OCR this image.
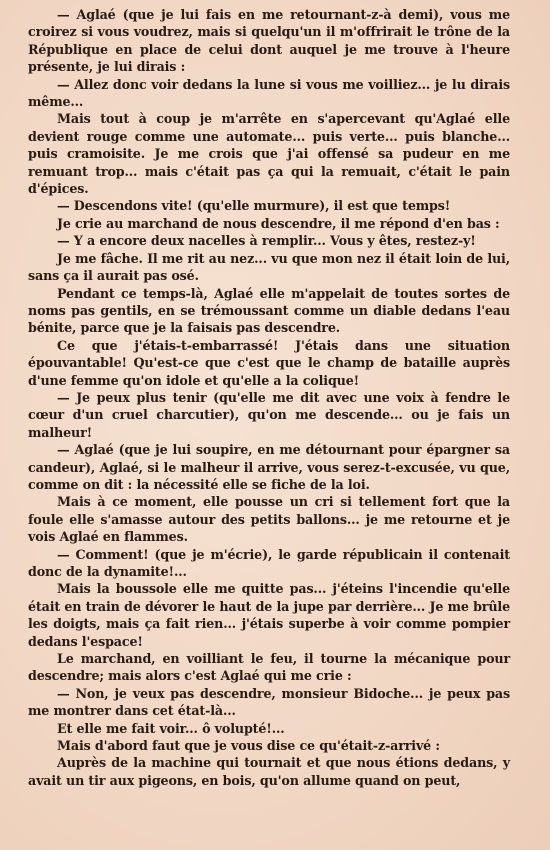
— Aglaé (que je lui fais en me retournant-z-à demi), vous me croirez si vous voudrez, mais si quelqu'un il m'offrirait le trône de la République en place de celui dont auquel je me trouve à l'heure présente, je lui dirais :

— Allez donc voir dedans la lune si vous me voilliez... je lu dirais même...

Mais tout à coup je m'arrête en s'apercevant qu'Aglaé elle devient rouge comme une automate... puis verte... puis blanche... puis cramoisite. Je me crois que j'ai offensé sa pudeur en me remuant trop... mais c'était pas ça qui la remuait, c'était le pain d'épices.

— Descendons vite! (qu'elle murmure), il est que temps!

Je crie au marchand de nous descendre, il me répond d'en bas :

— Y a encore deux nacelles à remplir... Vous y êtes, restez-y!

Je me fâche. Il me rit au nez... vu que mon nez il était loin de lui, sans ça il aurait pas osé.

Pendant ce temps-là, Aglaé elle m'appelait de toutes sortes de noms pas gentils, en se trémoussant comme un diable dedans l'eau bénite, parce que je la faisais pas descendre.

Ce que j'étais-t-embarrassé! J'étais dans une situation épouvantable! Qu'est-ce que c'est que le champ de bataille auprès d'une femme qu'on idole et qu'elle a la colique!

— Je peux plus tenir (qu'elle me dit avec une voix à fendre le cœur d'un cruel charcutier), qu'on me descende... ou je fais un malheur!

— Aglaé (que je lui soupire, en me détournant pour épargner sa candeur), Aglaé, si le malheur il arrive, vous serez-t-excusée, vu que, comme on dit : la nécessité elle se fiche de la loi.

Mais à ce moment, elle pousse un cri si tellement fort que la foule elle s'amasse autour des petits ballons... je me retourne et je vois Aglaé en flammes.

— Comment! (que je m'écrie), le garde républicain il contenait donc de la dynamite!...

Mais la boussole elle me quitte pas... j'éteins l'incendie qu'elle était en train de dévorer le haut de la jupe par derrière... Je me brûle les doigts, mais ça fait rien... j'étais superbe à voir comme pompier dedans l'espace!

Le marchand, en voilliant le feu, il tourne la mécanique pour descendre; mais alors c'est Aglaé qui me crie :

— Non, je veux pas descendre, monsieur Bidoche... je peux pas me montrer dans cet état-là...

Et elle me fait voir... ô volupté!...

Mais d'abord faut que je vous dise ce qu'était-z-arrivé :

Auprès de la machine qui tournait et que nous étions dedans, y avait un tir aux pigeons, en bois, qu'on allume quand on peut,
